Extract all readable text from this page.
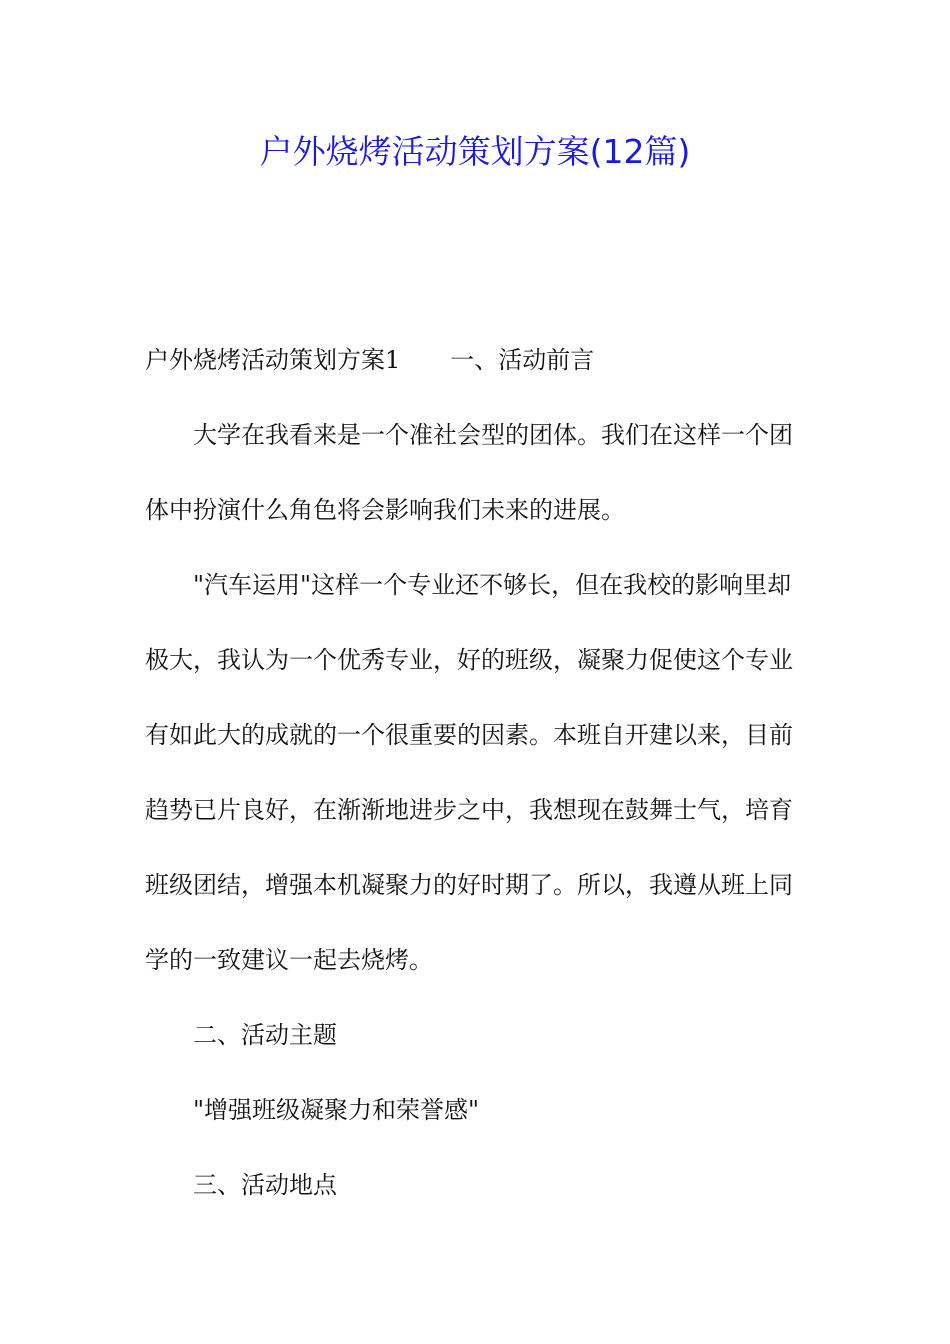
户外烧烤活动策划方案(12篇)
户外烧烤活动策划方案1 一、活动前言
大学在我看来是一个准社会型的团体。我们在这样一个团
体中扮演什么角色将会影响我们未来的进展。
"汽车运用"这样一个专业还不够长，但在我校的影响里却
极大，我认为一个优秀专业，好的班级，凝聚力促使这个专业
有如此大的成就的一个很重要的因素。本班自开建以来，目前
趋势已片良好，在渐渐地进步之中，我想现在鼓舞士气，培育
班级团结，增强本机凝聚力的好时期了。所以，我遵从班上同
学的一致建议一起去烧烤。
二、活动主题
"增强班级凝聚力和荣誉感"
三、活动地点
